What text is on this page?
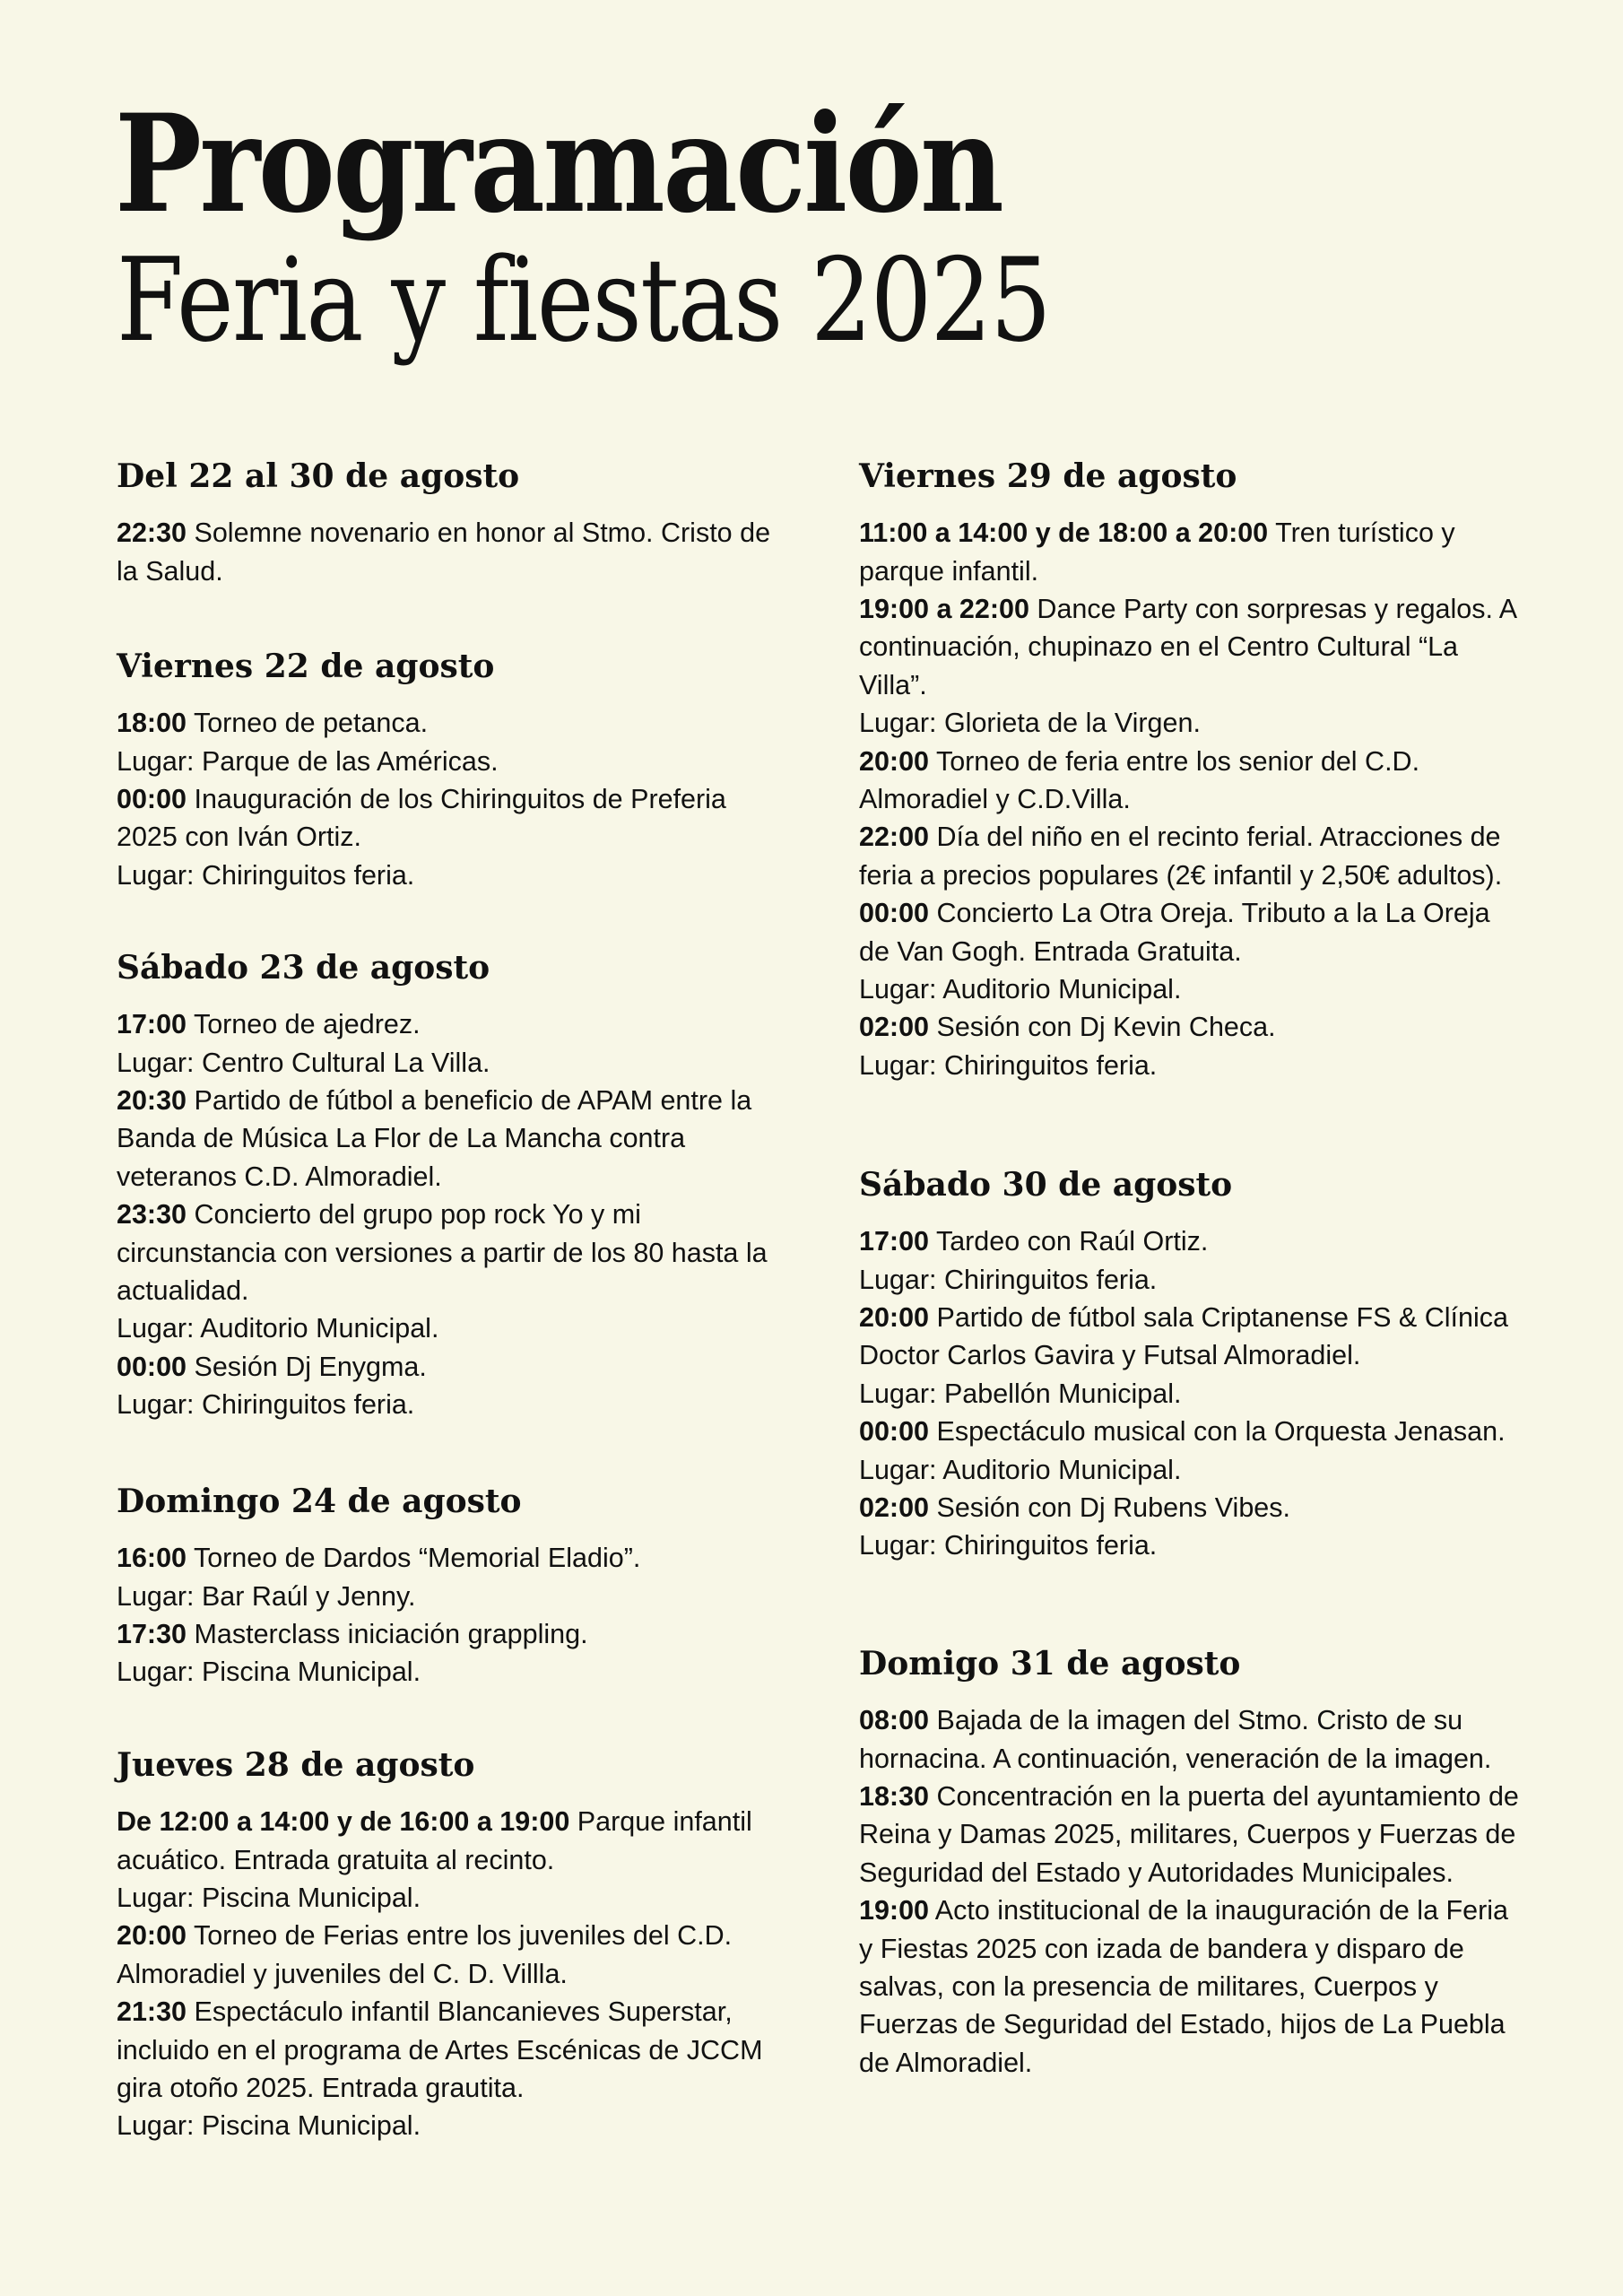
Programación
Feria y fiestas 2025
Del 22 al 30 de agosto

22:30 Solemne novenario en honor al Stmo. Cristo de la Salud.

Viernes 22 de agosto

18:00 Torneo de petanca.

Lugar: Parque de las Américas.

00:00 Inauguración de los Chiringuitos de Preferia 2025 con Iván Ortiz.

Lugar: Chiringuitos feria.

Sábado 23 de agosto

17:00 Torneo de ajedrez.

Lugar: Centro Cultural La Villa.

20:30 Partido de fútbol a beneficio de APAM entre la Banda de Música La Flor de La Mancha contra veteranos C.D. Almoradiel.

23:30 Concierto del grupo pop rock Yo y mi circunstancia con versiones a partir de los 80 hasta la actualidad.

Lugar: Auditorio Municipal.

00:00 Sesión Dj Enygma.

Lugar: Chiringuitos feria.

Domingo 24 de agosto

16:00 Torneo de Dardos “Memorial Eladio”.

Lugar: Bar Raúl y Jenny.

17:30 Masterclass iniciación grappling.

Lugar: Piscina Municipal.

Jueves 28 de agosto

De 12:00 a 14:00 y de 16:00 a 19:00 Parque infantil acuático. Entrada gratuita al recinto.

Lugar: Piscina Municipal.

20:00 Torneo de Ferias entre los juveniles del C.D. Almoradiel y juveniles del C. D. Villla.

21:30 Espectáculo infantil Blancanieves Superstar, incluido en el programa de Artes Escénicas de JCCM gira otoño 2025. Entrada grautita.

Lugar: Piscina Municipal.

Viernes 29 de agosto

11:00 a 14:00 y de 18:00 a 20:00 Tren turístico y parque infantil.

19:00 a 22:00 Dance Party con sorpresas y regalos. A continuación, chupinazo en el Centro Cultural “La Villa”.

Lugar: Glorieta de la Virgen.

20:00 Torneo de feria entre los senior del C.D. Almoradiel y C.D.Villa.

22:00 Día del niño en el recinto ferial. Atracciones de feria a precios populares (2€ infantil y 2,50€ adultos).

00:00 Concierto La Otra Oreja. Tributo a la La Oreja de Van Gogh. Entrada Gratuita.

Lugar: Auditorio Municipal.

02:00 Sesión con Dj Kevin Checa.

Lugar: Chiringuitos feria.

Sábado 30 de agosto

17:00 Tardeo con Raúl Ortiz.

Lugar: Chiringuitos feria.

20:00 Partido de fútbol sala Criptanense FS & Clínica Doctor Carlos Gavira y Futsal Almoradiel.

Lugar: Pabellón Municipal.

00:00 Espectáculo musical con la Orquesta Jenasan.

Lugar: Auditorio Municipal.

02:00 Sesión con Dj Rubens Vibes.

Lugar: Chiringuitos feria.

Domigo 31 de agosto

08:00 Bajada de la imagen del Stmo. Cristo de su hornacina. A continuación, veneración de la imagen.

18:30 Concentración en la puerta del ayuntamiento de Reina y Damas 2025, militares, Cuerpos y Fuerzas de Seguridad del Estado y Autoridades Municipales.

19:00 Acto institucional de la inauguración de la Feria y Fiestas 2025 con izada de bandera y disparo de salvas, con la presencia de militares, Cuerpos y Fuerzas de Seguridad del Estado, hijos de La Puebla de Almoradiel.
